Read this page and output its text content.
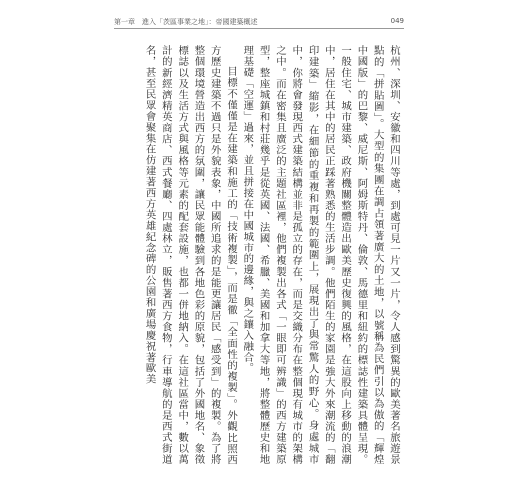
第一章　進入「茨區事業之地」：帝國建築概述	049

杭州、深圳、安徽和四川等處，到處可見一片又一片，令人感到驚異的歐美著名旅遊景點的「拼貼圖」。大型的集團在調占領著廣大的土地，以號稱為民們引以為傲的「輝煌中國版」的巴黎、威尼斯、阿姆斯特丹、倫敦、馬德里和紐約的標誌性建築具體呈現。一般住宅、城市建築、政府機關整體造出歐美歷史復興的風格，在這股向上移動的浪潮中，居住在其中的居民正踩著熟悉的生活步調。他們陌生的家園是強大外來潮流的「翻印建築」縮影，在細節的重複和再製的範圍上，展現出了與常驚人的野心。身處城市中，你將會發現西式建築結構並非是孤立的存在，而是交織分布在整個現有城市的架構之中。而在密集且廣泛的主題社區裡，他們複製出各式「一眼即可辨識」的西方建築原型，整座城鎮和村莊幾乎是從英國、法國、希臘、美國和加拿大等地，將整體歷史和地理基礎「空運」過來，並且拼接在中國城市的邊緣，與之鑲入融合。

目標不僅僅是在建築和施工的「技術複製」，而是徹「全面性的複製」。外觀比照西方歷史建築不過只是外貌表象，中國所追求的是能更讓居民「感受到」的複製。為了將整個環境營造出西方的氛圍，讓民眾能體驗到各地色彩的原貌，包括了外國地名、象徵標誌以及生活方式與風格等元素的配套設施，也都一併地納入。在這社區當中，數以萬計的新經濟精英商店、西式餐廳、四處林立，販售著西方食物，行車導航的是西式街道名，甚至民眾會聚集在仿建著西方英雄紀念碑的公園和廣場慶祝著歐美
